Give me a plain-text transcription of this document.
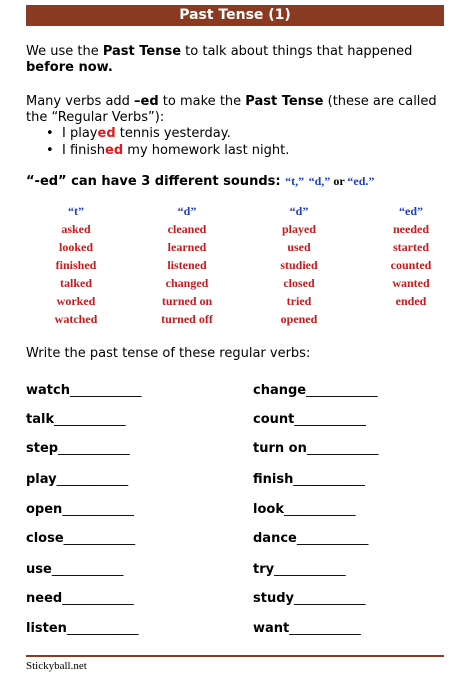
Past Tense (1)
We use the Past Tense to talk about things that happened
before now.
Many verbs add –ed to make the Past Tense (these are called
the “Regular Verbs”):
• I played tennis yesterday.
• I finished my homework last night.
“-ed” can have 3 different sounds: “t,” “d,” or “ed.”
“t”
asked
looked
finished
talked
worked
watched
“d”
cleaned
learned
listened
changed
turned on
turned off
“d”
played
used
studied
closed
tried
opened
“ed”
needed
started
counted
wanted
ended
Write the past tense of these regular verbs:
watch___________
talk___________
step___________
play___________
open___________
close___________
use___________
need___________
listen___________
change___________
count___________
turn on___________
finish___________
look___________
dance___________
try___________
study___________
want___________
Stickyball.net
